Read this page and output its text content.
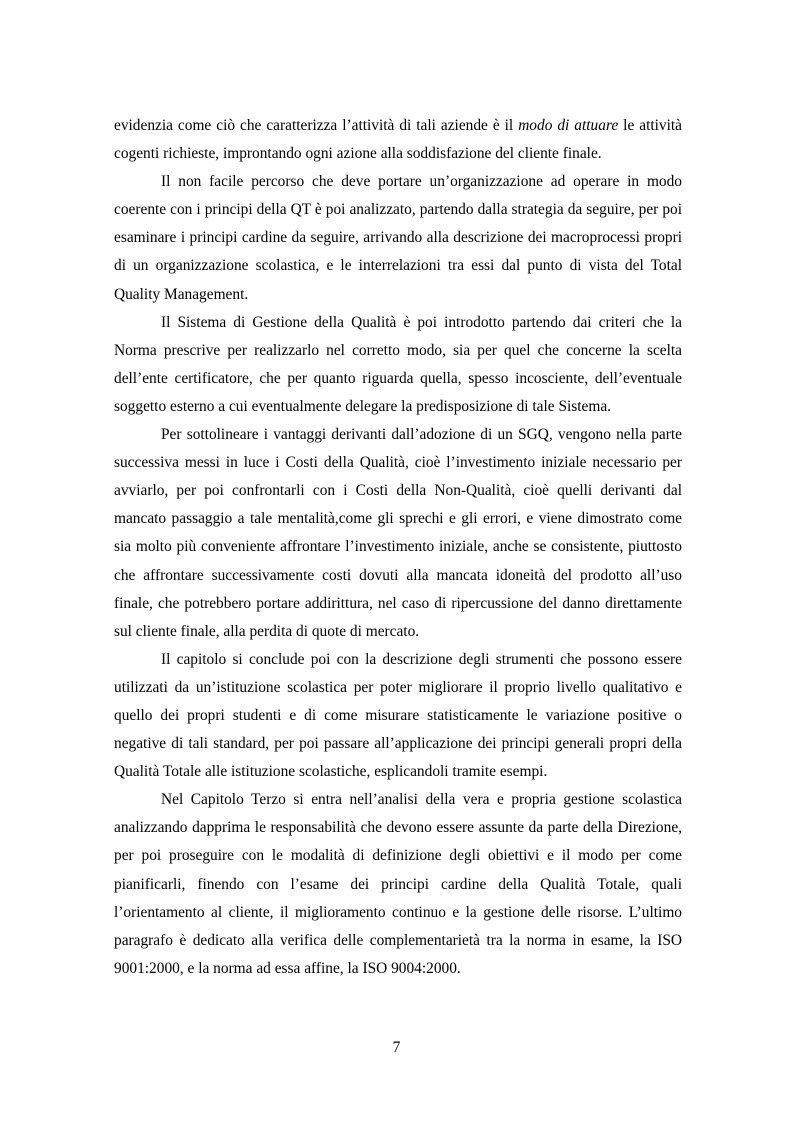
evidenzia come ciò che caratterizza l’attività di tali aziende è il modo di attuare le attività cogenti richieste, improntando ogni azione alla soddisfazione del cliente finale.

Il non facile percorso che deve portare un’organizzazione ad operare in modo coerente con i principi della QT è poi analizzato, partendo dalla strategia da seguire, per poi esaminare i principi cardine da seguire, arrivando alla descrizione dei macroprocessi propri di un organizzazione scolastica, e le interrelazioni tra essi dal punto di vista del Total Quality Management.

Il Sistema di Gestione della Qualità è poi introdotto partendo dai criteri che la Norma prescrive per realizzarlo nel corretto modo, sia per quel che concerne la scelta dell’ente certificatore, che per quanto riguarda quella, spesso incosciente, dell’eventuale soggetto esterno a cui eventualmente delegare la predisposizione di tale Sistema.

Per sottolineare i vantaggi derivanti dall’adozione di un SGQ, vengono nella parte successiva messi in luce i Costi della Qualità, cioè l’investimento iniziale necessario per avviarlo, per poi confrontarli con i Costi della Non-Qualità, cioè quelli derivanti dal mancato passaggio a tale mentalità,come gli sprechi e gli errori, e viene dimostrato come sia molto più conveniente affrontare l’investimento iniziale, anche se consistente, piuttosto che affrontare successivamente costi dovuti alla mancata idoneità del prodotto all’uso finale, che potrebbero portare addirittura, nel caso di ripercussione del danno direttamente sul cliente finale, alla perdita di quote di mercato.

Il capitolo si conclude poi con la descrizione degli strumenti che possono essere utilizzati da un’istituzione scolastica per poter migliorare il proprio livello qualitativo e quello dei propri studenti e di come misurare statisticamente le variazione positive o negative di tali standard, per poi passare all’applicazione dei principi generali propri della Qualità Totale alle istituzione scolastiche, esplicandoli tramite esempi.

Nel Capitolo Terzo si entra nell’analisi della vera e propria gestione scolastica analizzando dapprima le responsabilità che devono essere assunte da parte della Direzione, per poi proseguire con le modalità di definizione degli obiettivi e il modo per come pianificarli, finendo con l’esame dei principi cardine della Qualità Totale, quali l’orientamento al cliente, il miglioramento continuo e la gestione delle risorse. L’ultimo paragrafo è dedicato alla verifica delle complementarietà tra la norma in esame, la ISO 9001:2000, e la norma ad essa affine, la ISO 9004:2000.

7
